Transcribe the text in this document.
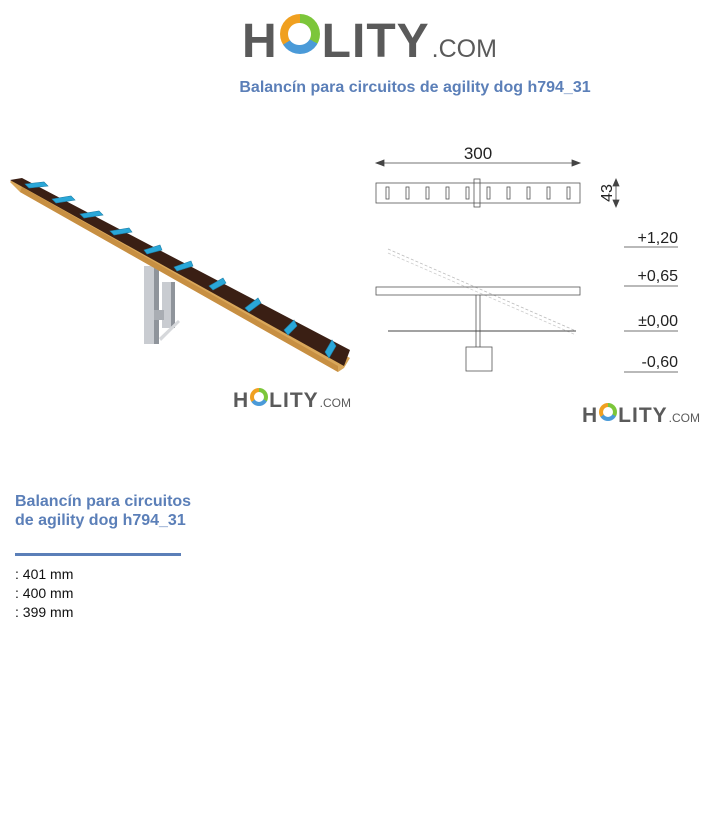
H LITY .COM
Balancín para circuitos de agility dog h794_31
H LITY .COM
300
43
+1,20
+0,65
±0,00
-0,60
H LITY .COM
Balancín para circuitos de agility dog h794_31
: 401 mm
: 400 mm
: 399 mm
